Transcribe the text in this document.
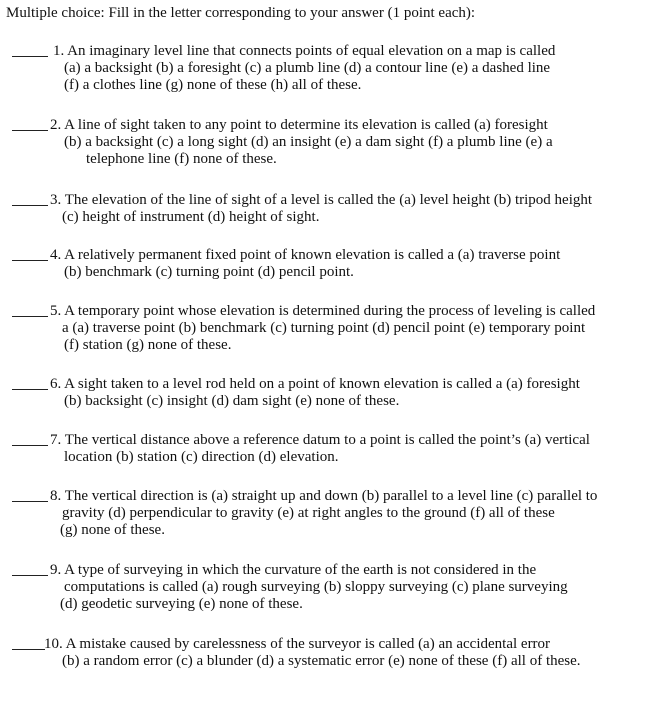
Multiple choice: Fill in the letter corresponding to your answer (1 point each):
1. An imaginary level line that connects points of equal elevation on a map is called
(a) a backsight (b) a foresight (c) a plumb line (d) a contour line (e) a dashed line
(f) a clothes line (g) none of these (h) all of these.
2. A line of sight taken to any point to determine its elevation is called (a) foresight
(b) a backsight (c) a long sight (d) an insight (e) a dam sight (f) a plumb line (e) a
telephone line (f) none of these.
3. The elevation of the line of sight of a level is called the (a) level height (b) tripod height
(c) height of instrument (d) height of sight.
4. A relatively permanent fixed point of known elevation is called a (a) traverse point
(b) benchmark (c) turning point (d) pencil point.
5. A temporary point whose elevation is determined during the process of leveling is called
a (a) traverse point (b) benchmark (c) turning point (d) pencil point (e) temporary point
(f) station (g) none of these.
6. A sight taken to a level rod held on a point of known elevation is called a (a) foresight
(b) backsight (c) insight (d) dam sight (e) none of these.
7. The vertical distance above a reference datum to a point is called the point’s (a) vertical
location (b) station (c) direction (d) elevation.
8. The vertical direction is (a) straight up and down (b) parallel to a level line (c) parallel to
gravity (d) perpendicular to gravity (e) at right angles to the ground (f) all of these
(g) none of these.
9. A type of surveying in which the curvature of the earth is not considered in the
computations is called (a) rough surveying (b) sloppy surveying (c) plane surveying
(d) geodetic surveying (e) none of these.
10. A mistake caused by carelessness of the surveyor is called (a) an accidental error
(b) a random error (c) a blunder (d) a systematic error (e) none of these (f) all of these.
